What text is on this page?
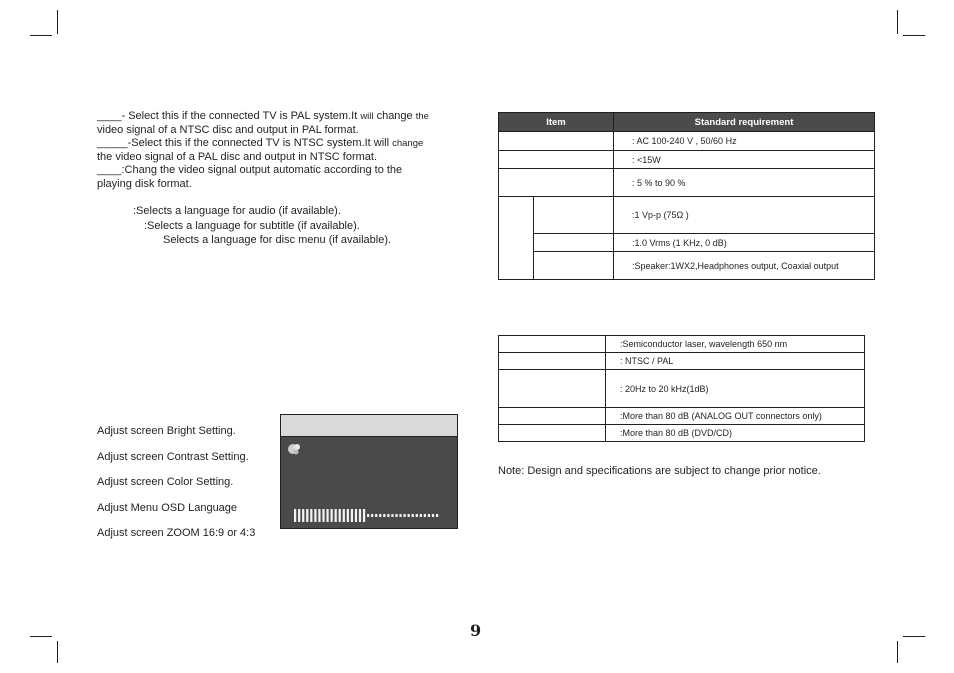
____- Select this if the connected TV is PAL system.It will change the
video signal of a NTSC disc and output in PAL format.
_____-Select this if the connected TV is NTSC system.It will change
the video signal of a PAL disc and output in NTSC format.
____:Chang the video signal output automatic according to the
playing disk format.
:Selects a language for audio (if available).
:Selects a language for subtitle (if available).
Selects a language for disc menu (if available).
Adjust screen Bright Setting.
Adjust screen Contrast Setting.
Adjust screen Color Setting.
Adjust Menu OSD Language
Adjust screen ZOOM 16:9 or 4:3
Item		Standard requirement
		: AC 100-240 V , 50/60 Hz
		: <15W
		: 5 % to 90 %
		:1 Vp-p (75Ω )
		:1.0 Vrms (1 KHz, 0 dB)
		:Speaker:1WX2,Headphones output, Coaxial output
	:Semiconductor laser, wavelength 650 nm
	: NTSC / PAL
	: 20Hz to 20 kHz(1dB)
	:More than 80 dB (ANALOG OUT connectors only)
	:More than 80 dB (DVD/CD)
Note: Design and specifications are subject to change prior notice.
9
